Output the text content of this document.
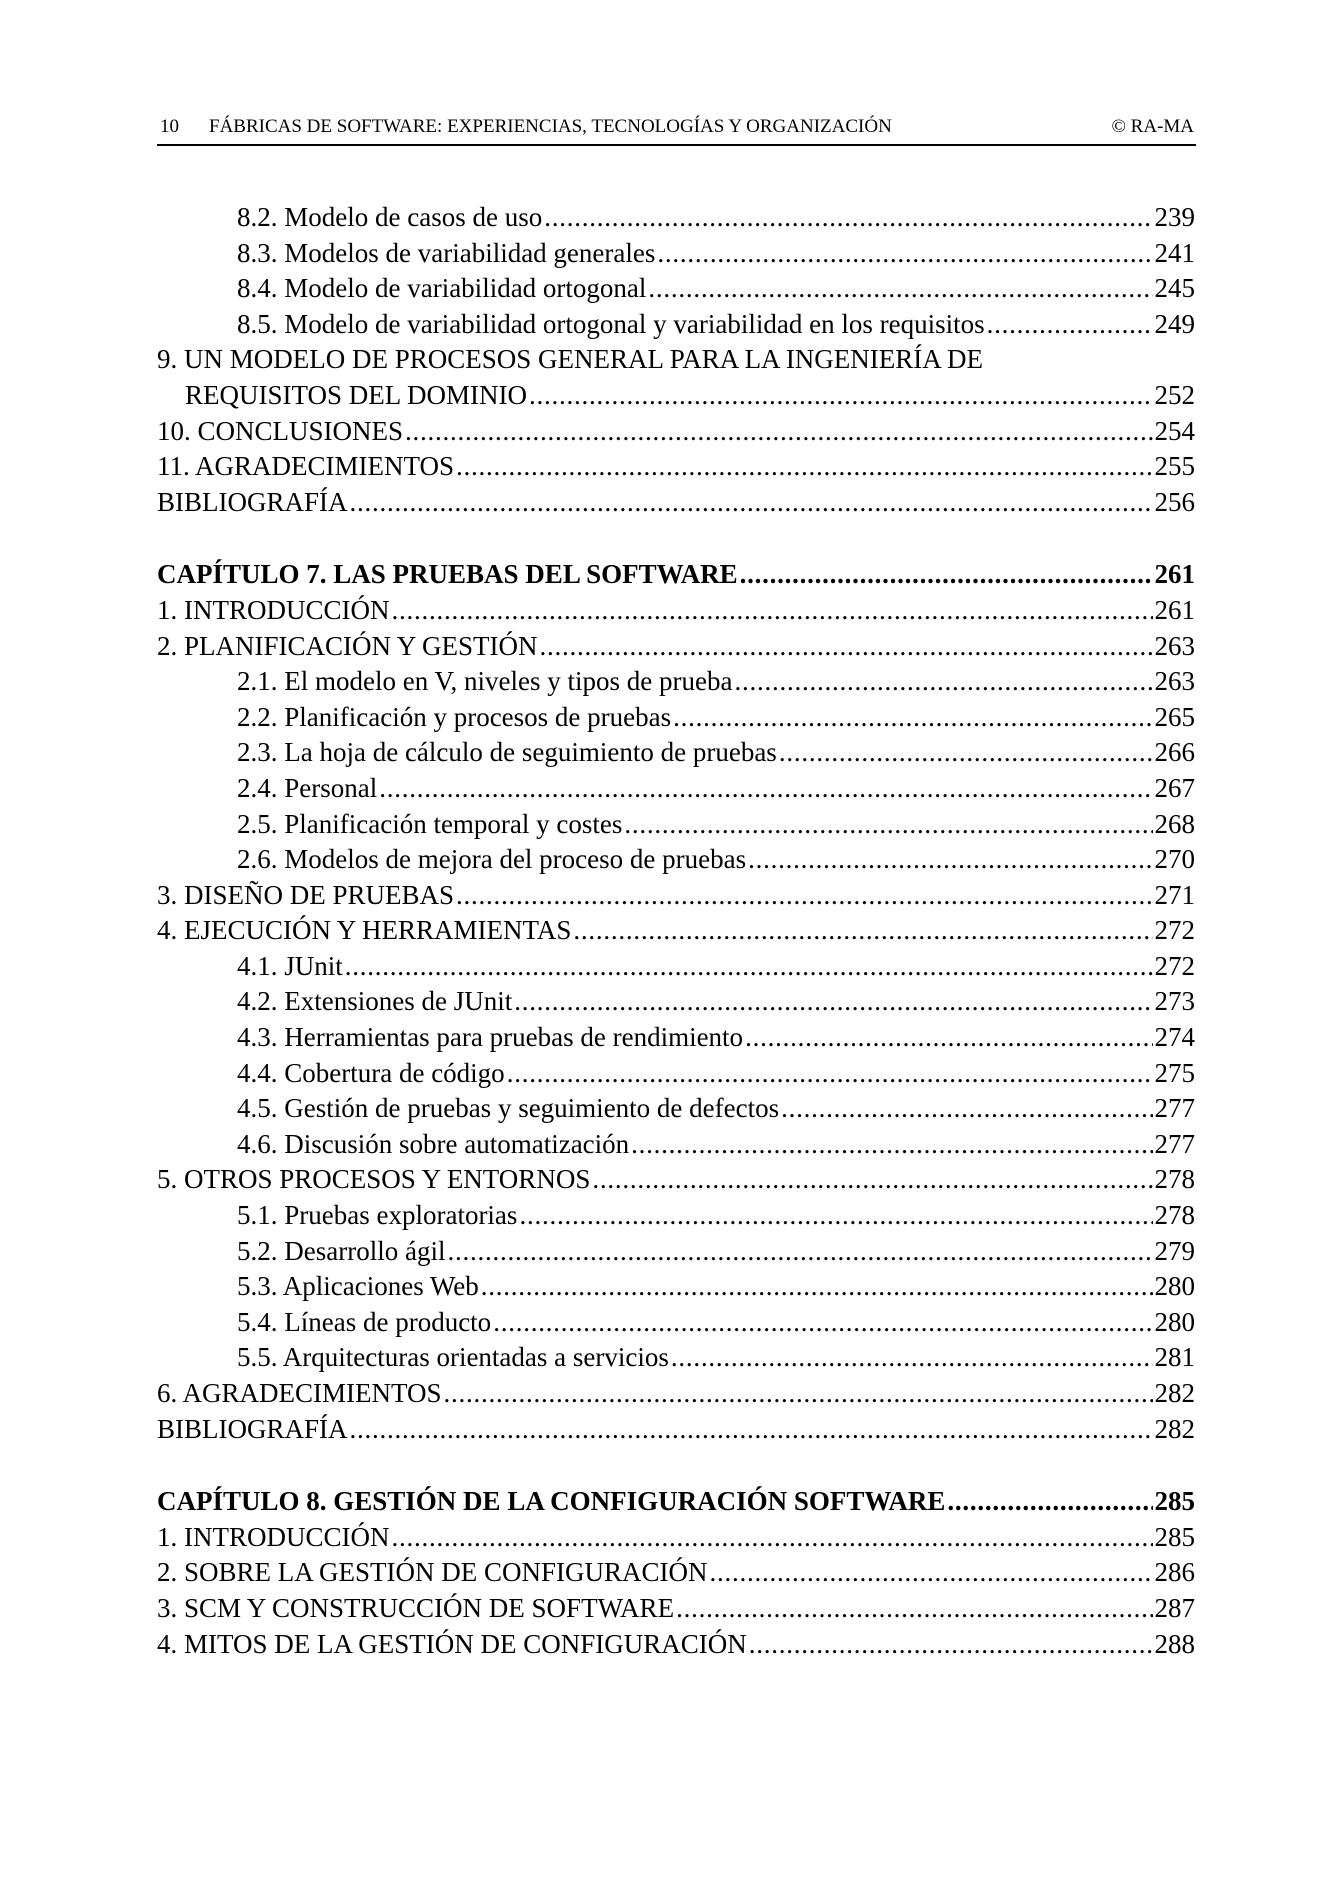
10 FÁBRICAS DE SOFTWARE: EXPERIENCIAS, TECNOLOGÍAS Y ORGANIZACIÓN	© RA-MA
8.2. Modelo de casos de uso . . .	239
8.3. Modelos de variabilidad generales . . .	241
8.4. Modelo de variabilidad ortogonal . . .	245
8.5. Modelo de variabilidad ortogonal y variabilidad en los requisitos . . .	249
9. UN MODELO DE PROCESOS GENERAL PARA LA INGENIERÍA DE
REQUISITOS DEL DOMINIO . . .	252
10. CONCLUSIONES . . .	254
11. AGRADECIMIENTOS . . .	255
BIBLIOGRAFÍA . . .	256
CAPÍTULO 7. LAS PRUEBAS DEL SOFTWARE . . .	261
1. INTRODUCCIÓN . . .	261
2. PLANIFICACIÓN Y GESTIÓN . . .	263
2.1. El modelo en V, niveles y tipos de prueba . . .	263
2.2. Planificación y procesos de pruebas . . .	265
2.3. La hoja de cálculo de seguimiento de pruebas . . .	266
2.4. Personal . . .	267
2.5. Planificación temporal y costes . . .	268
2.6. Modelos de mejora del proceso de pruebas . . .	270
3. DISEÑO DE PRUEBAS . . .	271
4. EJECUCIÓN Y HERRAMIENTAS . . .	272
4.1. JUnit . . .	272
4.2. Extensiones de JUnit . . .	273
4.3. Herramientas para pruebas de rendimiento . . .	274
4.4. Cobertura de código . . .	275
4.5. Gestión de pruebas y seguimiento de defectos . . .	277
4.6. Discusión sobre automatización . . .	277
5. OTROS PROCESOS Y ENTORNOS . . .	278
5.1. Pruebas exploratorias . . .	278
5.2. Desarrollo ágil . . .	279
5.3. Aplicaciones Web . . .	280
5.4. Líneas de producto . . .	280
5.5. Arquitecturas orientadas a servicios . . .	281
6. AGRADECIMIENTOS . . .	282
BIBLIOGRAFÍA . . .	282
CAPÍTULO 8. GESTIÓN DE LA CONFIGURACIÓN SOFTWARE . . .	285
1. INTRODUCCIÓN . . .	285
2. SOBRE LA GESTIÓN DE CONFIGURACIÓN . . .	286
3. SCM Y CONSTRUCCIÓN DE SOFTWARE . . .	287
4. MITOS DE LA GESTIÓN DE CONFIGURACIÓN . . .	288
